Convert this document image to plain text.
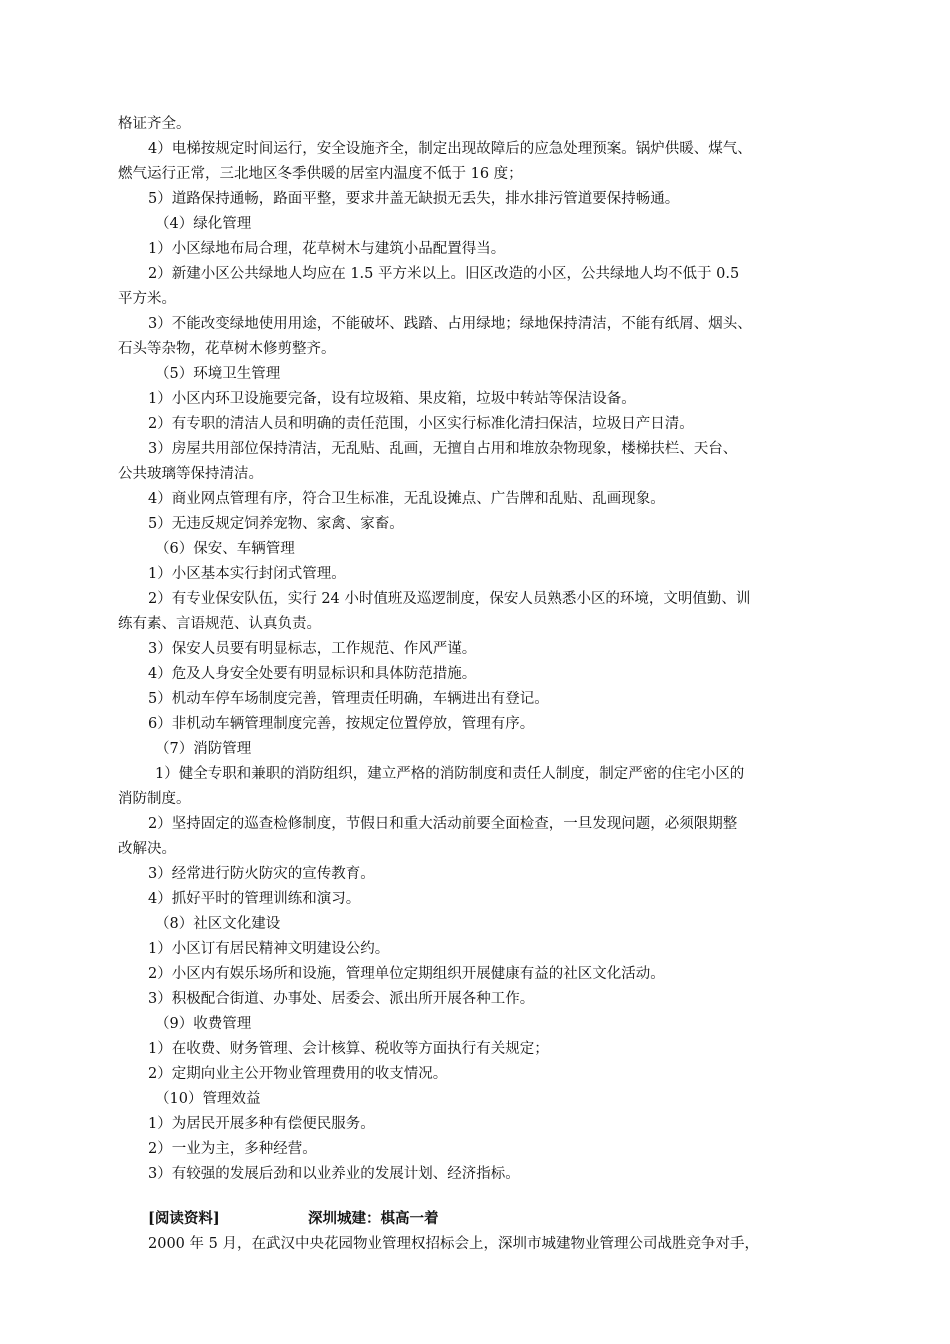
格证齐全。
4）电梯按规定时间运行，安全设施齐全，制定出现故障后的应急处理预案。锅炉供暖、煤气、
燃气运行正常，三北地区冬季供暖的居室内温度不低于 16 度；
5）道路保持通畅，路面平整，要求井盖无缺损无丢失，排水排污管道要保持畅通。
（4）绿化管理
1）小区绿地布局合理，花草树木与建筑小品配置得当。
2）新建小区公共绿地人均应在 1.5 平方米以上。旧区改造的小区，公共绿地人均不低于 0.5
平方米。
3）不能改变绿地使用用途，不能破坏、践踏、占用绿地；绿地保持清洁，不能有纸屑、烟头、
石头等杂物，花草树木修剪整齐。
（5）环境卫生管理
1）小区内环卫设施要完备，设有垃圾箱、果皮箱，垃圾中转站等保洁设备。
2）有专职的清洁人员和明确的责任范围，小区实行标准化清扫保洁，垃圾日产日清。
3）房屋共用部位保持清洁，无乱贴、乱画，无擅自占用和堆放杂物现象，楼梯扶栏、天台、
公共玻璃等保持清洁。
4）商业网点管理有序，符合卫生标准，无乱设摊点、广告牌和乱贴、乱画现象。
5）无违反规定饲养宠物、家禽、家畜。
（6）保安、车辆管理
1）小区基本实行封闭式管理。
2）有专业保安队伍，实行 24 小时值班及巡逻制度，保安人员熟悉小区的环境，文明值勤、训
练有素、言语规范、认真负责。
3）保安人员要有明显标志，工作规范、作风严谨。
4）危及人身安全处要有明显标识和具体防范措施。
5）机动车停车场制度完善，管理责任明确，车辆进出有登记。
6）非机动车辆管理制度完善，按规定位置停放，管理有序。
（7）消防管理
1）健全专职和兼职的消防组织，建立严格的消防制度和责任人制度，制定严密的住宅小区的
消防制度。
2）坚持固定的巡查检修制度，节假日和重大活动前要全面检查，一旦发现问题，必须限期整
改解决。
3）经常进行防火防灾的宣传教育。
4）抓好平时的管理训练和演习。
（8）社区文化建设
1）小区订有居民精神文明建设公约。
2）小区内有娱乐场所和设施，管理单位定期组织开展健康有益的社区文化活动。
3）积极配合街道、办事处、居委会、派出所开展各种工作。
（9）收费管理
1）在收费、财务管理、会计核算、税收等方面执行有关规定；
2）定期向业主公开物业管理费用的收支情况。
（10）管理效益
1）为居民开展多种有偿便民服务。
2）一业为主，多种经营。
3）有较强的发展后劲和以业养业的发展计划、经济指标。
[阅读资料]	深圳城建：棋高一着
2000 年 5 月，在武汉中央花园物业管理权招标会上，深圳市城建物业管理公司战胜竞争对手，
